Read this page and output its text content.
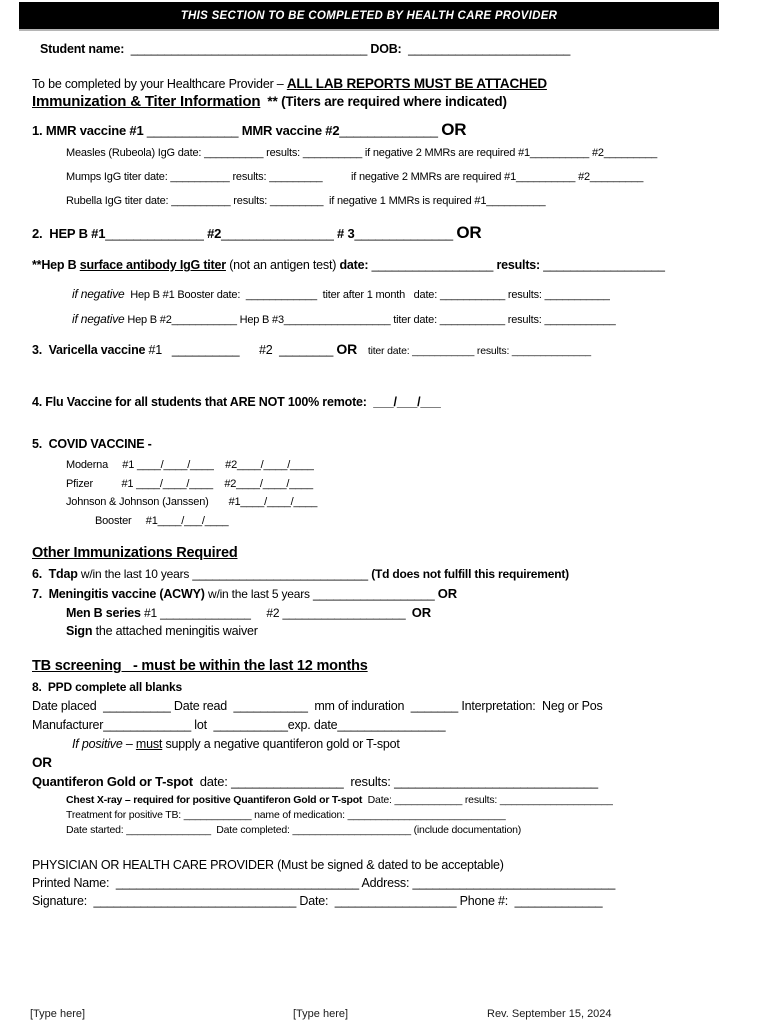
THIS SECTION TO BE COMPLETED BY HEALTH CARE PROVIDER
Student name:  ___________________________________ DOB:  ________________________
To be completed by your Healthcare Provider – ALL LAB REPORTS MUST BE ATTACHED
Immunization & Titer Information  ** (Titers are required where indicated)
1. MMR vaccine #1 _____________ MMR vaccine #2______________ OR
Measles (Rubeola) IgG date: __________ results: __________ if negative 2 MMRs are required #1__________ #2_________
Mumps IgG titer date: __________ results: _________          if negative 2 MMRs are required #1__________ #2_________
Rubella IgG titer date: __________ results: _________  if negative 1 MMRs is required #1__________
2.  HEP B #1______________ #2________________ # 3______________ OR
**Hep B surface antibody IgG titer (not an antigen test) date: __________________ results: __________________
if negative  Hep B #1 Booster date:  ____________  titer after 1 month   date: ___________ results: ___________
if negative Hep B #2___________ Hep B #3__________________ titer date: ___________ results: ____________
3.  Varicella vaccine #1   __________      #2  ________ OR    titer date: ___________ results: ______________
4. Flu Vaccine for all students that ARE NOT 100% remote:  ___/___/___
5.  COVID VACCINE -
Moderna     #1 ____/____/____    #2____/____/____
Pfizer          #1 ____/____/____    #2____/____/____
Johnson & Johnson (Janssen)       #1____/____/____
Booster     #1____/___/____
Other Immunizations Required
6.  Tdap w/in the last 10 years __________________________ (Td does not fulfill this requirement)
7.  Meningitis vaccine (ACWY) w/in the last 5 years __________________ OR
Men B series #1 ______________     #2 ___________________ OR
Sign the attached meningitis waiver
TB screening   - must be within the last 12 months
8.  PPD complete all blanks
Date placed  __________ Date read  ___________  mm of induration  _______ Interpretation:  Neg or Pos
Manufacturer_____________ lot  ___________exp. date________________
If positive – must supply a negative quantiferon gold or T-spot
OR
Quantiferon Gold or T-spot  date: ________________  results: _____________________________
Chest X-ray – required for positive Quantiferon Gold or T-spot  Date: ____________ results: ____________________
Treatment for positive TB: ____________ name of medication: ____________________________
Date started: _______________  Date completed: _____________________ (include documentation)
PHYSICIAN OR HEALTH CARE PROVIDER (Must be signed & dated to be acceptable)
Printed Name:  ____________________________________ Address: ______________________________
Signature:  ______________________________ Date:  __________________ Phone #:  _____________
[Type here]	[Type here]	Rev. September 15, 2024
